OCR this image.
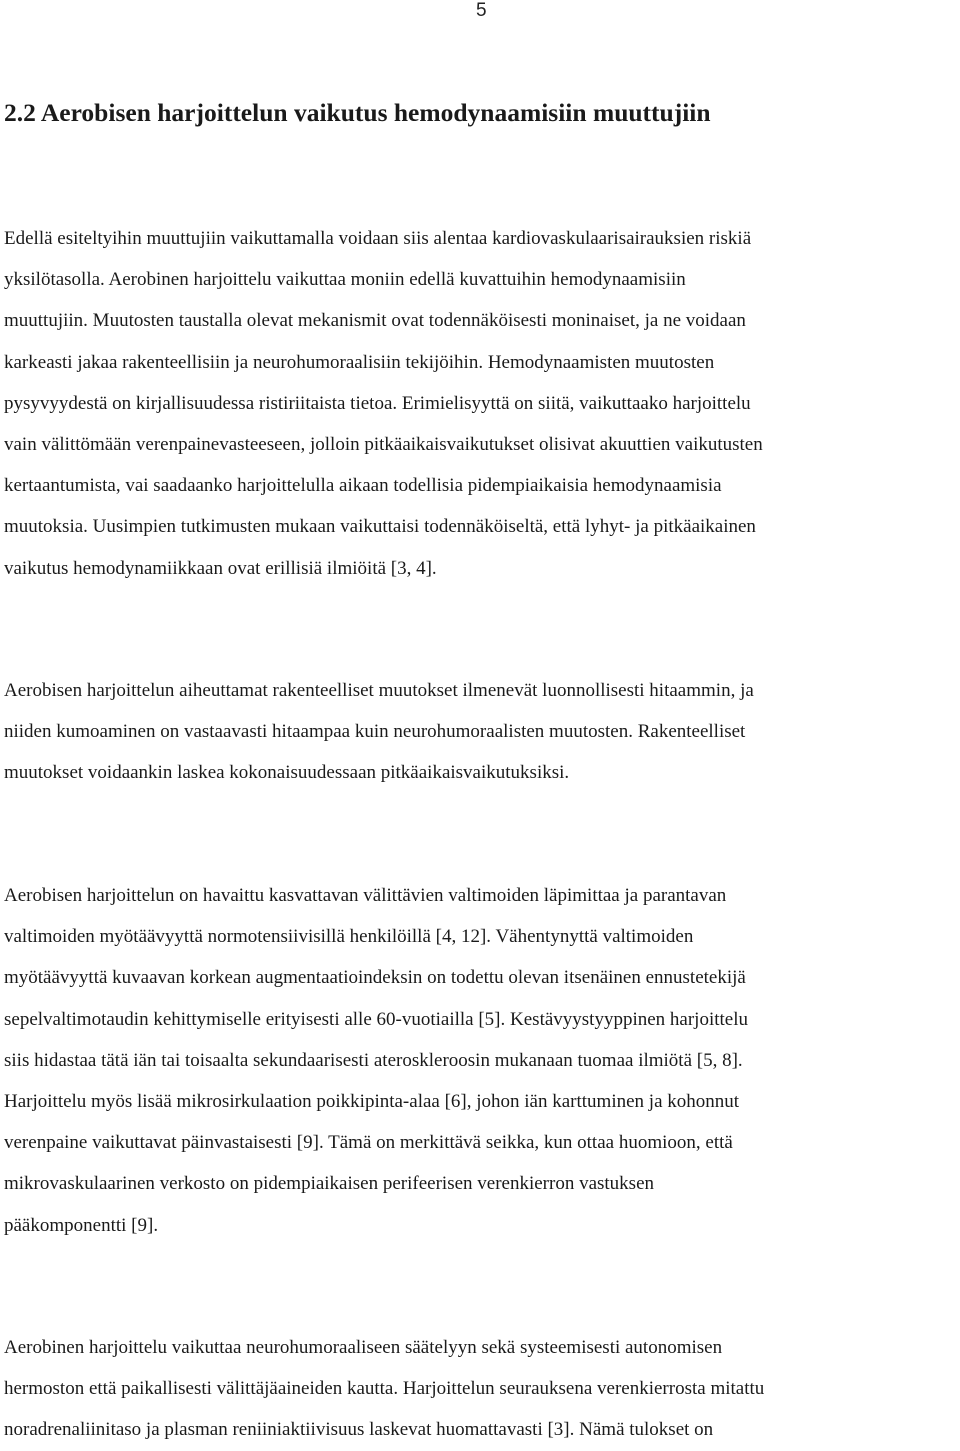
5
2.2 Aerobisen harjoittelun vaikutus hemodynaamisiin muuttujiin

Edellä esiteltyihin muuttujiin vaikuttamalla voidaan siis alentaa kardiovaskulaarisairauksien riskiä
yksilötasolla. Aerobinen harjoittelu vaikuttaa moniin edellä kuvattuihin hemodynaamisiin
muuttujiin. Muutosten taustalla olevat mekanismit ovat todennäköisesti moninaiset, ja ne voidaan
karkeasti jakaa rakenteellisiin ja neurohumoraalisiin tekijöihin. Hemodynaamisten muutosten
pysyvyydestä on kirjallisuudessa ristiriitaista tietoa. Erimielisyyttä on siitä, vaikuttaako harjoittelu
vain välittömään verenpainevasteeseen, jolloin pitkäaikaisvaikutukset olisivat akuuttien vaikutusten
kertaantumista, vai saadaanko harjoittelulla aikaan todellisia pidempiaikaisia hemodynaamisia
muutoksia. Uusimpien tutkimusten mukaan vaikuttaisi todennäköiseltä, että lyhyt- ja pitkäaikainen
vaikutus hemodynamiikkaan ovat erillisiä ilmiöitä [3, 4].

Aerobisen harjoittelun aiheuttamat rakenteelliset muutokset ilmenevät luonnollisesti hitaammin, ja
niiden kumoaminen on vastaavasti hitaampaa kuin neurohumoraalisten muutosten. Rakenteelliset
muutokset voidaankin laskea kokonaisuudessaan pitkäaikaisvaikutuksiksi.

Aerobisen harjoittelun on havaittu kasvattavan välittävien valtimoiden läpimittaa ja parantavan
valtimoiden myötäävyyttä normotensiivisillä henkilöillä [4, 12]. Vähentynyttä valtimoiden
myötäävyyttä kuvaavan korkean augmentaatioindeksin on todettu olevan itsenäinen ennustetekijä
sepelvaltimotaudin kehittymiselle erityisesti alle 60-vuotiailla [5]. Kestävyystyyppinen harjoittelu
siis hidastaa tätä iän tai toisaalta sekundaarisesti ateroskleroosin mukanaan tuomaa ilmiötä [5, 8].
Harjoittelu myös lisää mikrosirkulaation poikkipinta-alaa [6], johon iän karttuminen ja kohonnut
verenpaine vaikuttavat päinvastaisesti [9]. Tämä on merkittävä seikka, kun ottaa huomioon, että
mikrovaskulaarinen verkosto on pidempiaikaisen perifeerisen verenkierron vastuksen
pääkomponentti [9].

Aerobinen harjoittelu vaikuttaa neurohumoraaliseen säätelyyn sekä systeemisesti autonomisen
hermoston että paikallisesti välittäjäaineiden kautta. Harjoittelun seurauksena verenkierrosta mitattu
noradrenaliinitaso ja plasman reniiniaktiivisuus laskevat huomattavasti [3]. Nämä tulokset on
